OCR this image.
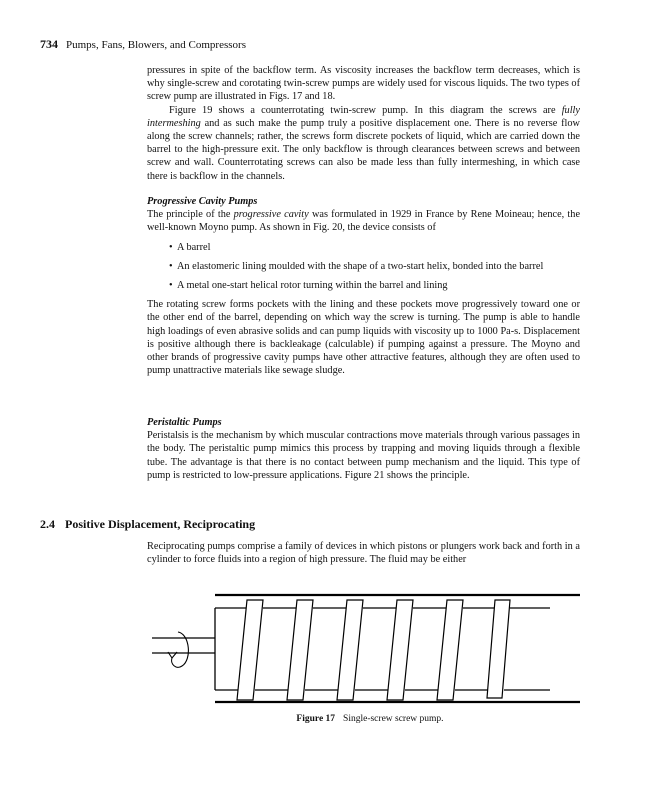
734 Pumps, Fans, Blowers, and Compressors

pressures in spite of the backflow term. As viscosity increases the backflow term decreases, which is why single-screw and corotating twin-screw pumps are widely used for viscous liquids. The two types of screw pump are illustrated in Figs. 17 and 18.

Figure 19 shows a counterrotating twin-screw pump. In this diagram the screws are fully intermeshing and as such make the pump truly a positive displacement one. There is no reverse flow along the screw channels; rather, the screws form discrete pockets of liquid, which are carried down the barrel to the high-pressure exit. The only backflow is through clearances between screws and between screw and wall. Counterrotating screws can also be made less than fully intermeshing, in which case there is backflow in the channels.

Progressive Cavity Pumps

The principle of the progressive cavity was formulated in 1929 in France by Rene Moineau; hence, the well-known Moyno pump. As shown in Fig. 20, the device consists of

• A barrel
• An elastomeric lining moulded with the shape of a two-start helix, bonded into the barrel
• A metal one-start helical rotor turning within the barrel and lining

The rotating screw forms pockets with the lining and these pockets move progressively toward one or the other end of the barrel, depending on which way the screw is turning. The pump is able to handle high loadings of even abrasive solids and can pump liquids with viscosity up to 1000 Pa-s. Displacement is positive although there is backleakage (calculable) if pumping against a pressure. The Moyno and other brands of progressive cavity pumps have other attractive features, although they are often used to pump unattractive materials like sewage sludge.

Peristaltic Pumps

Peristalsis is the mechanism by which muscular contractions move materials through various passages in the body. The peristaltic pump mimics this process by trapping and moving liquids through a flexible tube. The advantage is that there is no contact between pump mechanism and the liquid. This type of pump is restricted to low-pressure applications. Figure 21 shows the principle.

2.4 Positive Displacement, Reciprocating

Reciprocating pumps comprise a family of devices in which pistons or plungers work back and forth in a cylinder to force fluids into a region of high pressure. The fluid may be either

Figure 17 Single-screw screw pump.
